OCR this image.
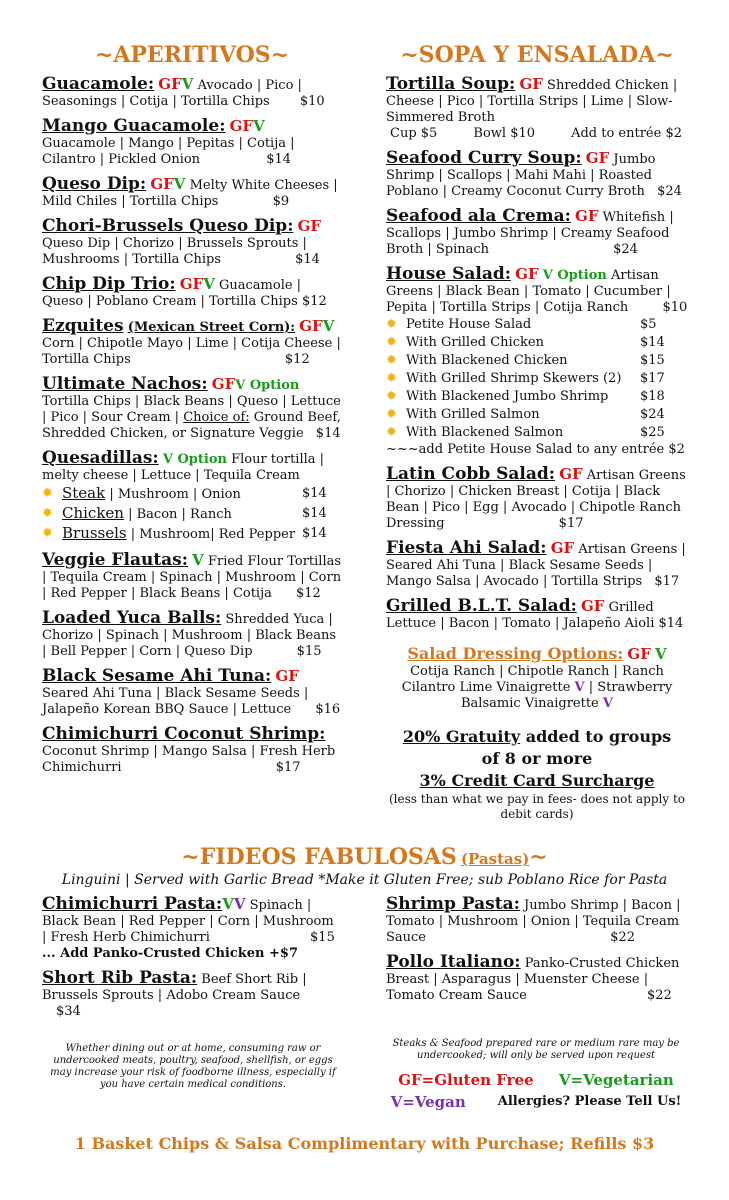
~APERITIVOS~
Guacamole: GFV Avocado | Pico | Seasonings | Cotija | Tortilla Chips $10
Mango Guacamole: GFV
Guacamole | Mango | Pepitas | Cotija | Cilantro | Pickled Onion	$14
Queso Dip: GFV Melty White Cheeses | Mild Chiles | Tortilla Chips	$9
Chori-Brussels Queso Dip: GF
Queso Dip | Chorizo | Brussels Sprouts | Mushrooms | Tortilla Chips	$14
Chip Dip Trio: GFV Guacamole | Queso | Poblano Cream | Tortilla Chips $12
Ezquites (Mexican Street Corn): GFV
Corn | Chipotle Mayo | Lime | Cotija Cheese | Tortilla Chips	$12
Ultimate Nachos: GFV Option
Tortilla Chips | Black Beans | Queso | Lettuce | Pico | Sour Cream | Choice of: Ground Beef, Shredded Chicken, or Signature Veggie $14
Quesadillas: V Option Flour tortilla | melty cheese | Lettuce | Tequila Cream
✹ Steak | Mushroom | Onion	$14
✹ Chicken | Bacon | Ranch	$14
✹ Brussels | Mushroom| Red Pepper $14
Veggie Flautas: V Fried Flour Tortillas | Tequila Cream | Spinach | Mushroom | Corn | Red Pepper | Black Beans | Cotija $12
Loaded Yuca Balls: Shredded Yuca | Chorizo | Spinach | Mushroom | Black Beans | Bell Pepper | Corn | Queso Dip	$15
Black Sesame Ahi Tuna: GF
Seared Ahi Tuna | Black Sesame Seeds | Jalapeño Korean BBQ Sauce | Lettuce $16
Chimichurri Coconut Shrimp:
Coconut Shrimp | Mango Salsa | Fresh Herb Chimichurri	$17
~SOPA Y ENSALADA~
Tortilla Soup: GF Shredded Chicken | Cheese | Pico | Tortilla Strips | Lime | Slow-Simmered Broth
Cup $5	Bowl $10	Add to entrée $2
Seafood Curry Soup: GF Jumbo Shrimp | Scallops | Mahi Mahi | Roasted Poblano | Creamy Coconut Curry Broth $24
Seafood ala Crema: GF Whitefish | Scallops | Jumbo Shrimp | Creamy Seafood Broth | Spinach	$24
House Salad: GF V Option Artisan Greens | Black Bean | Tomato | Cucumber | Pepita | Tortilla Strips | Cotija Ranch	$10
✹ Petite House Salad	$5
✹ With Grilled Chicken	$14
✹ With Blackened Chicken	$15
✹ With Grilled Shrimp Skewers (2)	$17
✹ With Blackened Jumbo Shrimp	$18
✹ With Grilled Salmon	$24
✹ With Blackened Salmon	$25
~~~add Petite House Salad to any entrée $2
Latin Cobb Salad: GF Artisan Greens | Chorizo | Chicken Breast | Cotija | Black Bean | Pico | Egg | Avocado | Chipotle Ranch Dressing	$17
Fiesta Ahi Salad: GF Artisan Greens | Seared Ahi Tuna | Black Sesame Seeds | Mango Salsa | Avocado | Tortilla Strips $17
Grilled B.L.T. Salad: GF Grilled Lettuce | Bacon | Tomato | Jalapeño Aioli $14
Salad Dressing Options: GF V
Cotija Ranch | Chipotle Ranch | Ranch
Cilantro Lime Vinaigrette V | Strawberry
Balsamic Vinaigrette V
20% Gratuity added to groups
of 8 or more
3% Credit Card Surcharge
(less than what we pay in fees- does not apply to debit cards)
~FIDEOS FABULOSAS (Pastas)~
Linguini | Served with Garlic Bread *Make it Gluten Free; sub Poblano Rice for Pasta
Chimichurri Pasta:VV Spinach | Black Bean | Red Pepper | Corn | Mushroom | Fresh Herb Chimichurri	$15
... Add Panko-Crusted Chicken +$7
Short Rib Pasta: Beef Short Rib | Brussels Sprouts | Adobo Cream Sauce $34
Shrimp Pasta: Jumbo Shrimp | Bacon | Tomato | Mushroom | Onion | Tequila Cream Sauce	$22
Pollo Italiano: Panko-Crusted Chicken Breast | Asparagus | Muenster Cheese | Tomato Cream Sauce	$22
Whether dining out or at home, consuming raw or undercooked meats, poultry, seafood, shellfish, or eggs may increase your risk of foodborne illness, especially if you have certain medical conditions.
Steaks & Seafood prepared rare or medium rare may be undercooked; will only be served upon request
GF=Gluten Free V=Vegetarian
V=Vegan Allergies? Please Tell Us!
1 Basket Chips & Salsa Complimentary with Purchase; Refills $3
